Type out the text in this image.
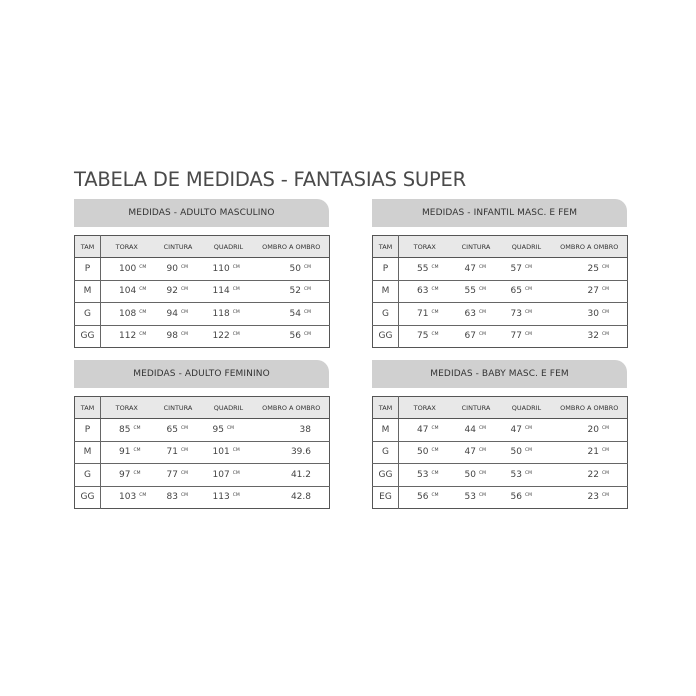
TABELA DE MEDIDAS - FANTASIAS SUPER
MEDIDAS - ADULTO MASCULINO
TAM	TORAX	CINTURA	QUADRIL	OMBRO A OMBRO
P	100 $^{CM}$	90 $^{CM}$	110 $^{CM}$	50 $^{CM}$
M	104 $^{CM}$	92 $^{CM}$	114 $^{CM}$	52 $^{CM}$
G	108 $^{CM}$	94 $^{CM}$	118 $^{CM}$	54 $^{CM}$
GG	112 $^{CM}$	98 $^{CM}$	122 $^{CM}$	56 $^{CM}$
MEDIDAS - INFANTIL MASC. E FEM
TAM	TORAX	CINTURA	QUADRIL	OMBRO A OMBRO
P	55 $^{CM}$	47 $^{CM}$	57 $^{CM}$	25 $^{CM}$
M	63 $^{CM}$	55 $^{CM}$	65 $^{CM}$	27 $^{CM}$
G	71 $^{CM}$	63 $^{CM}$	73 $^{CM}$	30 $^{CM}$
GG	75 $^{CM}$	67 $^{CM}$	77 $^{CM}$	32 $^{CM}$
MEDIDAS - ADULTO FEMININO
TAM	TORAX	CINTURA	QUADRIL	OMBRO A OMBRO
P	85 $^{CM}$	65 $^{CM}$	95 $^{CM}$	38
M	91 $^{CM}$	71 $^{CM}$	101 $^{CM}$	39.6
G	97 $^{CM}$	77 $^{CM}$	107 $^{CM}$	41.2
GG	103 $^{CM}$	83 $^{CM}$	113 $^{CM}$	42.8
MEDIDAS - BABY MASC. E FEM
TAM	TORAX	CINTURA	QUADRIL	OMBRO A OMBRO
M	47 $^{CM}$	44 $^{CM}$	47 $^{CM}$	20 $^{CM}$
G	50 $^{CM}$	47 $^{CM}$	50 $^{CM}$	21 $^{CM}$
GG	53 $^{CM}$	50 $^{CM}$	53 $^{CM}$	22 $^{CM}$
EG	56 $^{CM}$	53 $^{CM}$	56 $^{CM}$	23 $^{CM}$
